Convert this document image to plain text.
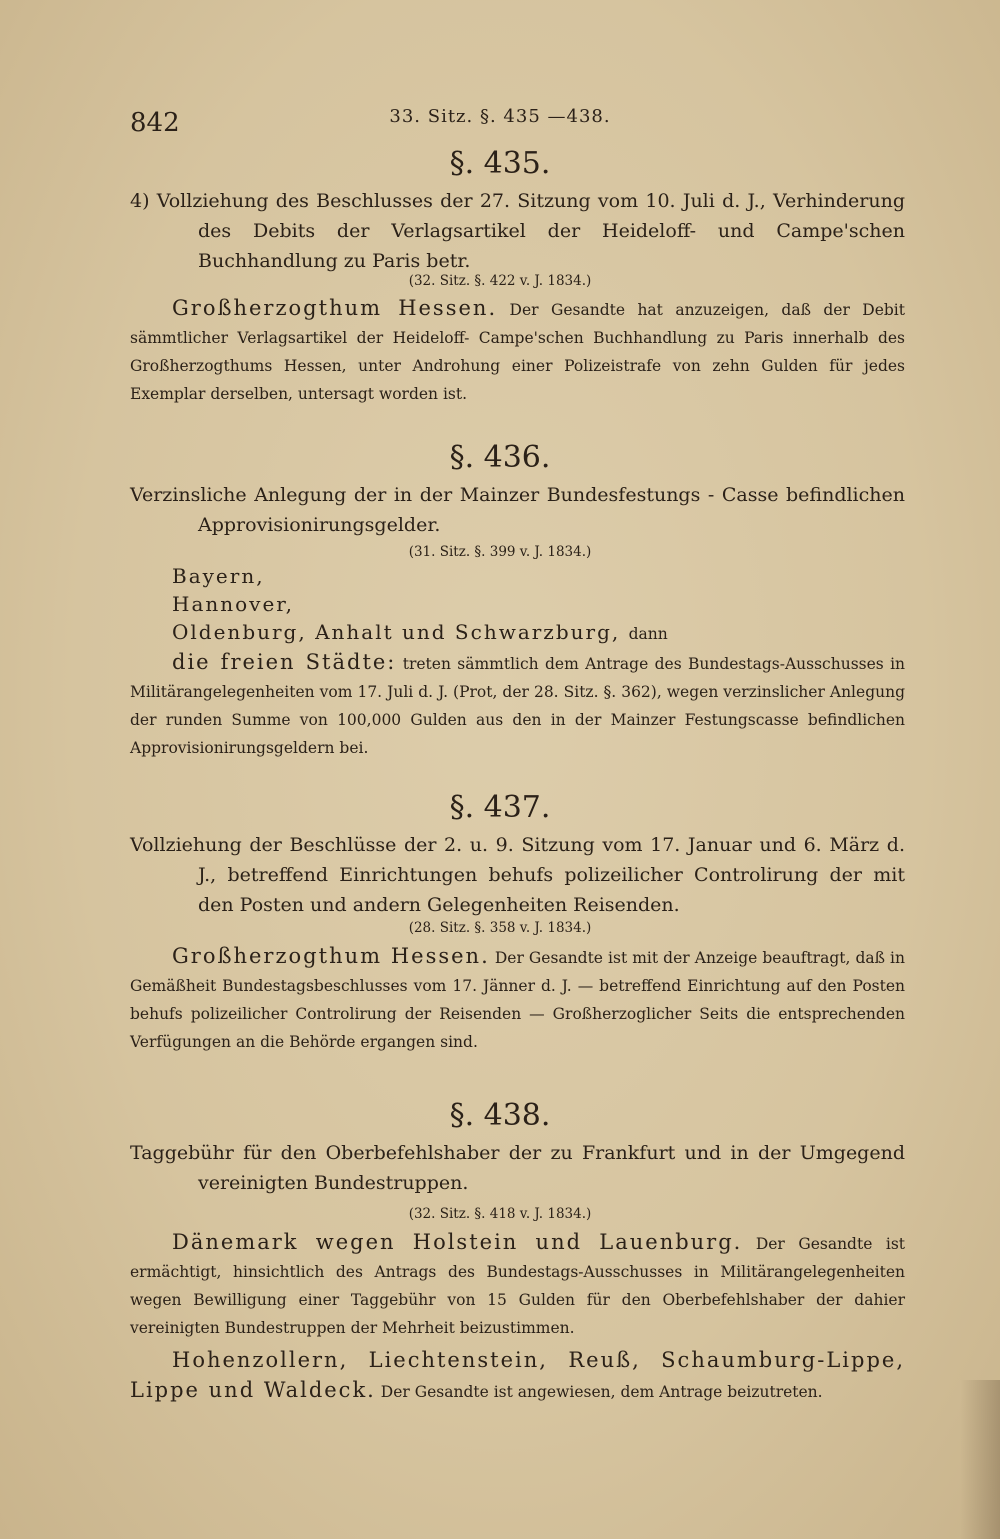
842	33. Sitz. §. 435 —438.
§. 435.
4) Vollziehung des Beschlusses der 27. Sitzung vom 10. Juli d. J., Verhinderung des Debits der Verlagsartikel der Heideloff- und Campe'schen Buchhandlung zu Paris betr.
(32. Sitz. §. 422 v. J. 1834.)

Großherzogthum Hessen. Der Gesandte hat anzuzeigen, daß der Debit sämmtlicher Verlagsartikel der Heideloff- Campe'schen Buchhandlung zu Paris innerhalb des Großherzogthums Hessen, unter Androhung einer Polizeistrafe von zehn Gulden für jedes Exemplar derselben, untersagt worden ist.

§. 436.
Verzinsliche Anlegung der in der Mainzer Bundesfestungs - Casse befindlichen Approvisionirungsgelder.
(31. Sitz. §. 399 v. J. 1834.)
Bayern,
Hannover,
Oldenburg, Anhalt und Schwarzburg, dann

die freien Städte: treten sämmtlich dem Antrage des Bundestags-Ausschusses in Militärangelegenheiten vom 17. Juli d. J. (Prot, der 28. Sitz. §. 362), wegen verzinslicher Anlegung der runden Summe von 100,000 Gulden aus den in der Mainzer Festungscasse befindlichen Approvisionirungsgeldern bei.

§. 437.
Vollziehung der Beschlüsse der 2. u. 9. Sitzung vom 17. Januar und 6. März d. J., betreffend Einrichtungen behufs polizeilicher Controlirung der mit den Posten und andern Gelegenheiten Reisenden.
(28. Sitz. §. 358 v. J. 1834.)

Großherzogthum Hessen. Der Gesandte ist mit der Anzeige beauftragt, daß in Gemäßheit Bundestagsbeschlusses vom 17. Jänner d. J. — betreffend Einrichtung auf den Posten behufs polizeilicher Controlirung der Reisenden — Großherzoglicher Seits die entsprechenden Verfügungen an die Behörde ergangen sind.

§. 438.
Taggebühr für den Oberbefehlshaber der zu Frankfurt und in der Umgegend vereinigten Bundestruppen.
(32. Sitz. §. 418 v. J. 1834.)

Dänemark wegen Holstein und Lauenburg. Der Gesandte ist ermächtigt, hinsichtlich des Antrags des Bundestags-Ausschusses in Militärangelegenheiten wegen Bewilligung einer Taggebühr von 15 Gulden für den Oberbefehlshaber der dahier vereinigten Bundestruppen der Mehrheit beizustimmen.

Hohenzollern, Liechtenstein, Reuß, Schaumburg-Lippe, Lippe und Waldeck. Der Gesandte ist angewiesen, dem Antrage beizutreten.
